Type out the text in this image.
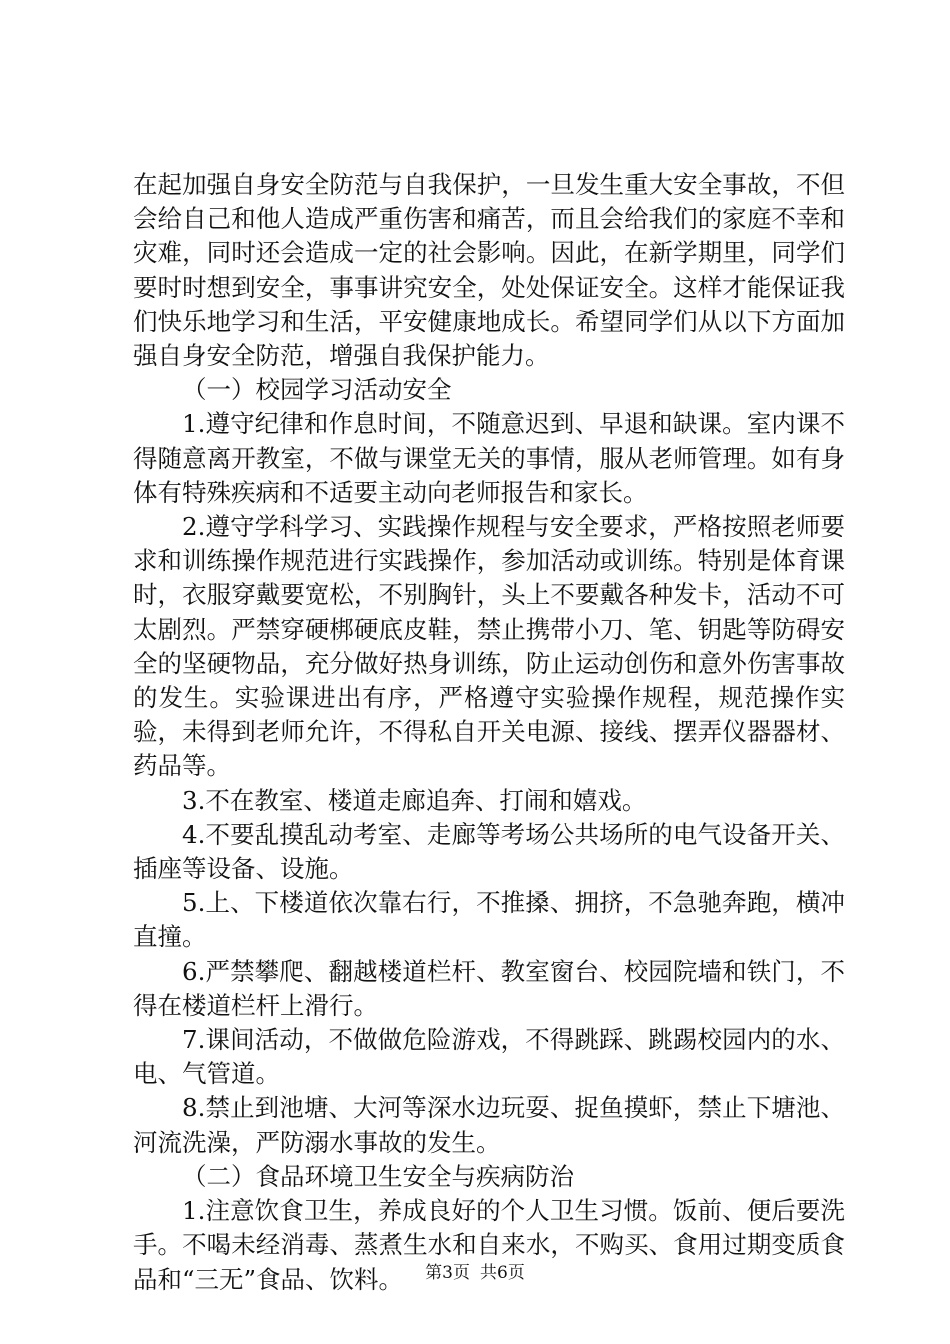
在起加强自身安全防范与自我保护，一旦发生重大安全事故，不但会给自己和他人造成严重伤害和痛苦，而且会给我们的家庭不幸和灾难，同时还会造成一定的社会影响。因此，在新学期里，同学们要时时想到安全，事事讲究安全，处处保证安全。这样才能保证我们快乐地学习和生活，平安健康地成长。希望同学们从以下方面加强自身安全防范，增强自我保护能力。

（一）校园学习活动安全

1.遵守纪律和作息时间，不随意迟到、早退和缺课。室内课不得随意离开教室，不做与课堂无关的事情，服从老师管理。如有身体有特殊疾病和不适要主动向老师报告和家长。

2.遵守学科学习、实践操作规程与安全要求，严格按照老师要求和训练操作规范进行实践操作，参加活动或训练。特别是体育课时，衣服穿戴要宽松，不别胸针，头上不要戴各种发卡，活动不可太剧烈。严禁穿硬梆硬底皮鞋，禁止携带小刀、笔、钥匙等防碍安全的坚硬物品，充分做好热身训练，防止运动创伤和意外伤害事故的发生。实验课进出有序，严格遵守实验操作规程，规范操作实验，未得到老师允许，不得私自开关电源、接线、摆弄仪器器材、药品等。

3.不在教室、楼道走廊追奔、打闹和嬉戏。

4.不要乱摸乱动考室、走廊等考场公共场所的电气设备开关、插座等设备、设施。

5.上、下楼道依次靠右行，不推搡、拥挤，不急驰奔跑，横冲直撞。

6.严禁攀爬、翻越楼道栏杆、教室窗台、校园院墙和铁门，不得在楼道栏杆上滑行。

7.课间活动，不做做危险游戏，不得跳踩、跳踢校园内的水、电、气管道。

8.禁止到池塘、大河等深水边玩耍、捉鱼摸虾，禁止下塘池、河流洗澡，严防溺水事故的发生。

（二）食品环境卫生安全与疾病防治

1.注意饮食卫生，养成良好的个人卫生习惯。饭前、便后要洗手。不喝未经消毒、蒸煮生水和自来水，不购买、食用过期变质食品和“三无”食品、饮料。	第3页 共6页
